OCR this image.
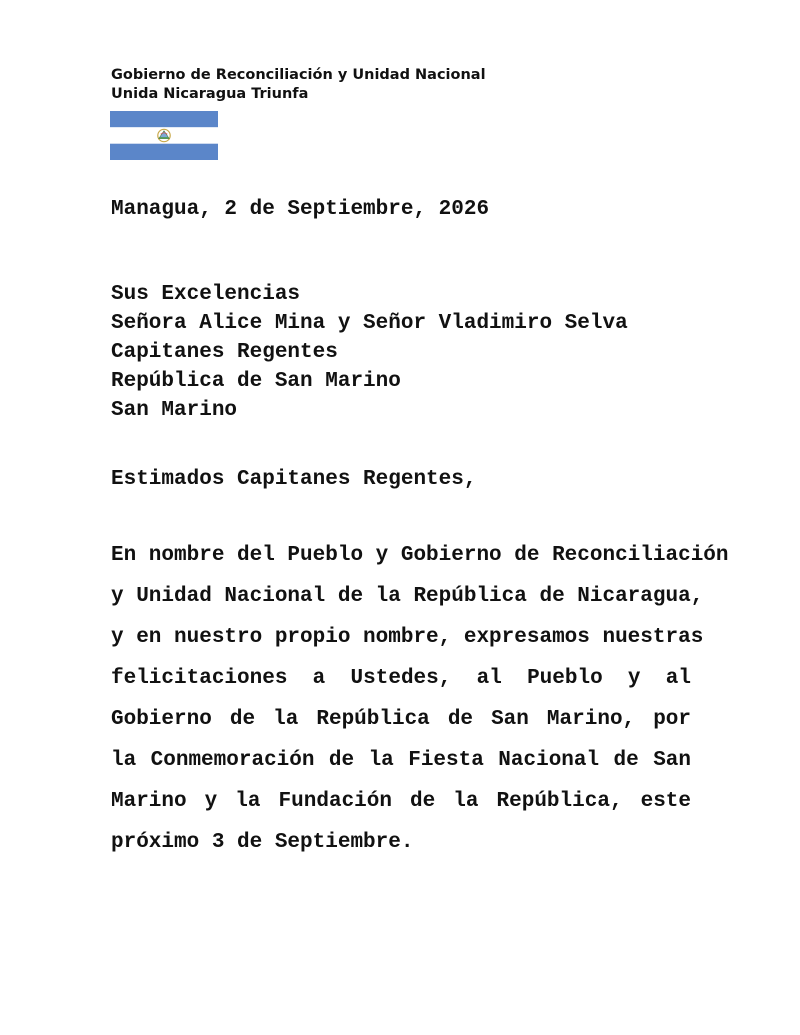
Gobierno de Reconciliación y Unidad Nacional
Unida Nicaragua Triunfa
Managua, 2 de Septiembre, 2026
Sus Excelencias
Señora Alice Mina y Señor Vladimiro Selva
Capitanes Regentes
República de San Marino
San Marino
Estimados Capitanes Regentes,
En nombre del Pueblo y Gobierno de Reconciliación
y Unidad Nacional de la República de Nicaragua,
y en nuestro propio nombre, expresamos nuestras
felicitaciones a Ustedes, al Pueblo y al
Gobierno de la República de San Marino, por
la Conmemoración de la Fiesta Nacional de San
Marino y la Fundación de la República, este
próximo 3 de Septiembre.
